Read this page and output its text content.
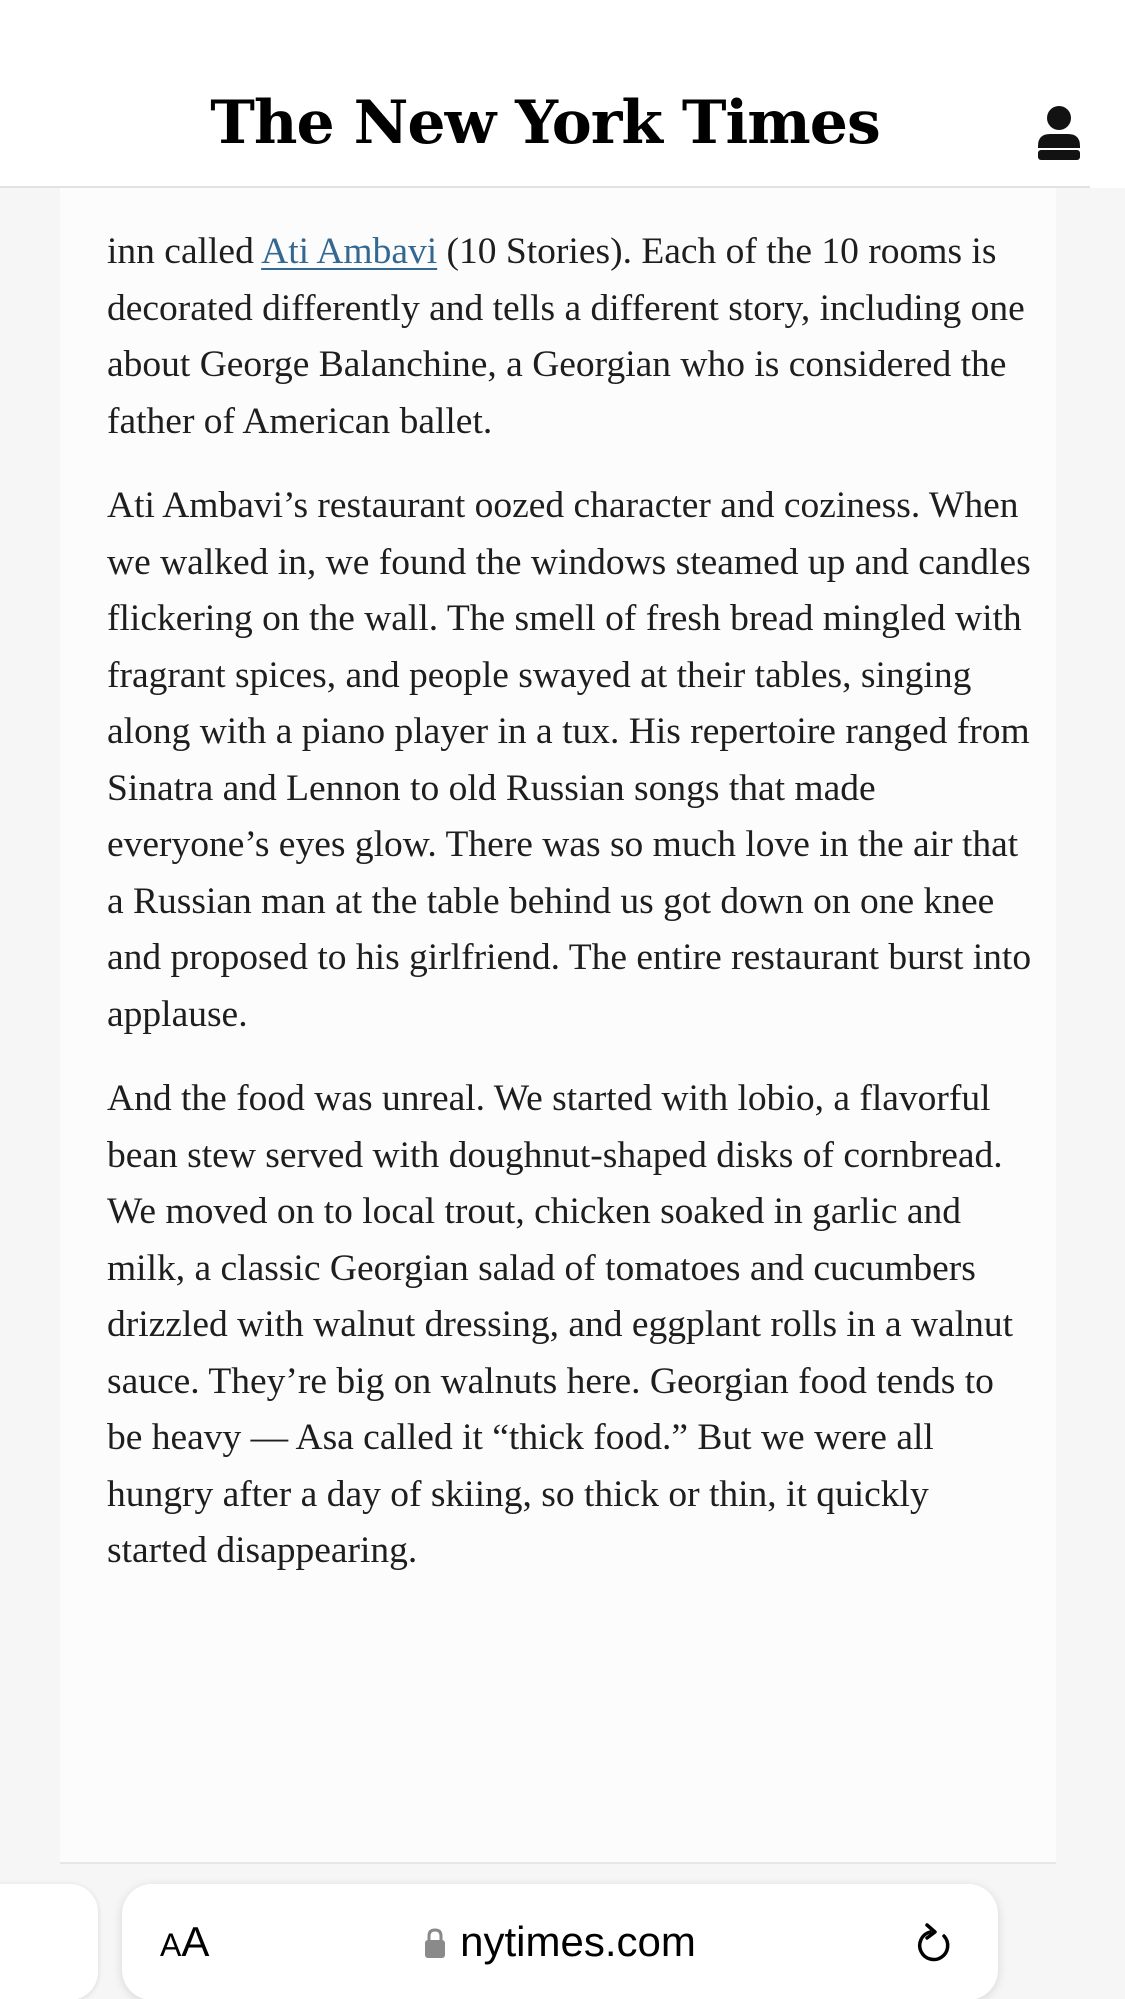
The New York Times

inn called Ati Ambavi (10 Stories). Each of the 10 rooms is decorated differently and tells a different story, including one about George Balanchine, a Georgian who is considered the father of American ballet.

Ati Ambavi’s restaurant oozed character and coziness. When we walked in, we found the windows steamed up and candles flickering on the wall. The smell of fresh bread mingled with fragrant spices, and people swayed at their tables, singing along with a piano player in a tux. His repertoire ranged from Sinatra and Lennon to old Russian songs that made everyone’s eyes glow. There was so much love in the air that a Russian man at the table behind us got down on one knee and proposed to his girlfriend. The entire restaurant burst into applause.

And the food was unreal. We started with lobio, a flavorful bean stew served with doughnut-shaped disks of cornbread. We moved on to local trout, chicken soaked in garlic and milk, a classic Georgian salad of tomatoes and cucumbers drizzled with walnut dressing, and eggplant rolls in a walnut sauce. They’re big on walnuts here. Georgian food tends to be heavy — Asa called it “thick food.” But we were all hungry after a day of skiing, so thick or thin, it quickly started disappearing.

AA	nytimes.com
